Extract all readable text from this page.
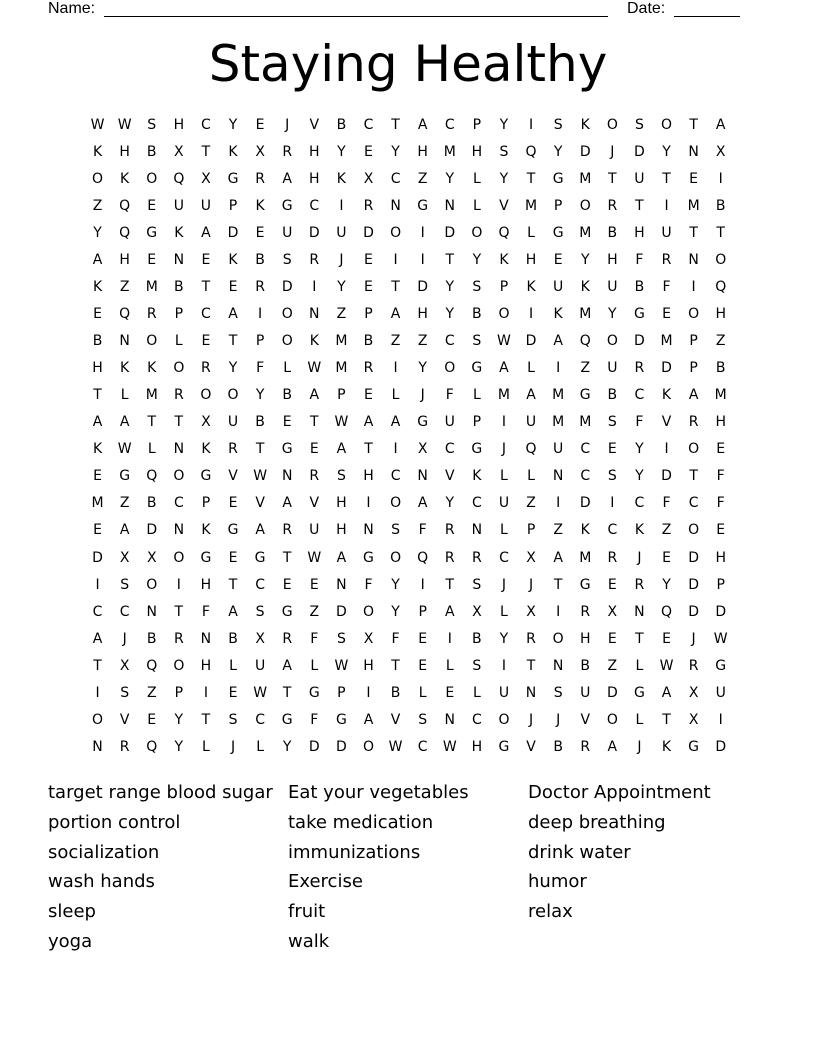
Name:	Date:
Staying Healthy
W W	S	H	C	Y	E	J	V	B	C	T	A	C	P	Y	I	S	K	O	S	O	T	A
K	H	B	X	T	K	X	R	H	Y	E	Y	H	M	H	S	Q	Y	D	J	D	Y	N	X
O	K	O	Q	X	G	R	A	H	K	X	C	Z	Y	L	Y	T	G	M	T	U	T	E	I
Z	Q	E	U	U	P	K	G	C	I	R	N	G	N	L	V	M	P	O	R	T	I	M	B
Y	Q	G	K	A	D	E	U	D	U	D	O	I	D	O	Q	L	G	M	B	H	U	T	T
A	H	E	N	E	K	B	S	R	J	E	I	I	T	Y	K	H	E	Y	H	F	R	N	O
K	Z	M	B	T	E	R	D	I	Y	E	T	D	Y	S	P	K	U	K	U	B	F	I	Q
E	Q	R	P	C	A	I	O	N	Z	P	A	H	Y	B	O	I	K	M	Y	G	E	O	H
B	N	O	L	E	T	P	O	K	M	B	Z	Z	C	S	W	D	A	Q	O	D	M	P	Z
H	K	K	O	R	Y	F	L	W	M	R	I	Y	O	G	A	L	I	Z	U	R	D	P	B
T	L	M	R	O	O	Y	B	A	P	E	L	J	F	L	M	A	M	G	B	C	K	A	M
A	A	T	T	X	U	B	E	T	W	A	A	G	U	P	I	U	M	M	S	F	V	R	H
K	W	L	N	K	R	T	G	E	A	T	I	X	C	G	J	Q	U	C	E	Y	I	O	E
E	G	Q	O	G	V	W	N	R	S	H	C	N	V	K	L	L	N	C	S	Y	D	T	F
M	Z	B	C	P	E	V	A	V	H	I	O	A	Y	C	U	Z	I	D	I	C	F	C	F
E	A	D	N	K	G	A	R	U	H	N	S	F	R	N	L	P	Z	K	C	K	Z	O	E
D	X	X	O	G	E	G	T	W	A	G	O	Q	R	R	C	X	A	M	R	J	E	D	H
I	S	O	I	H	T	C	E	E	N	F	Y	I	T	S	J	J	T	G	E	R	Y	D	P
C	C	N	T	F	A	S	G	Z	D	O	Y	P	A	X	L	X	I	R	X	N	Q	D	D
A	J	B	R	N	B	X	R	F	S	X	F	E	I	B	Y	R	O	H	E	T	E	J	W
T	X	Q	O	H	L	U	A	L	W	H	T	E	L	S	I	T	N	B	Z	L	W	R	G
I	S	Z	P	I	E	W	T	G	P	I	B	L	E	L	U	N	S	U	D	G	A	X	U
O	V	E	Y	T	S	C	G	F	G	A	V	S	N	C	O	J	J	V	O	L	T	X	I
N	R	Q	Y	L	J	L	Y	D	D	O	W	C	W	H	G	V	B	R	A	J	K	G	D
target range blood sugar
portion control
socialization
wash hands
sleep
yoga
Eat your vegetables
take medication
immunizations
Exercise
fruit
walk
Doctor Appointment
deep breathing
drink water
humor
relax
